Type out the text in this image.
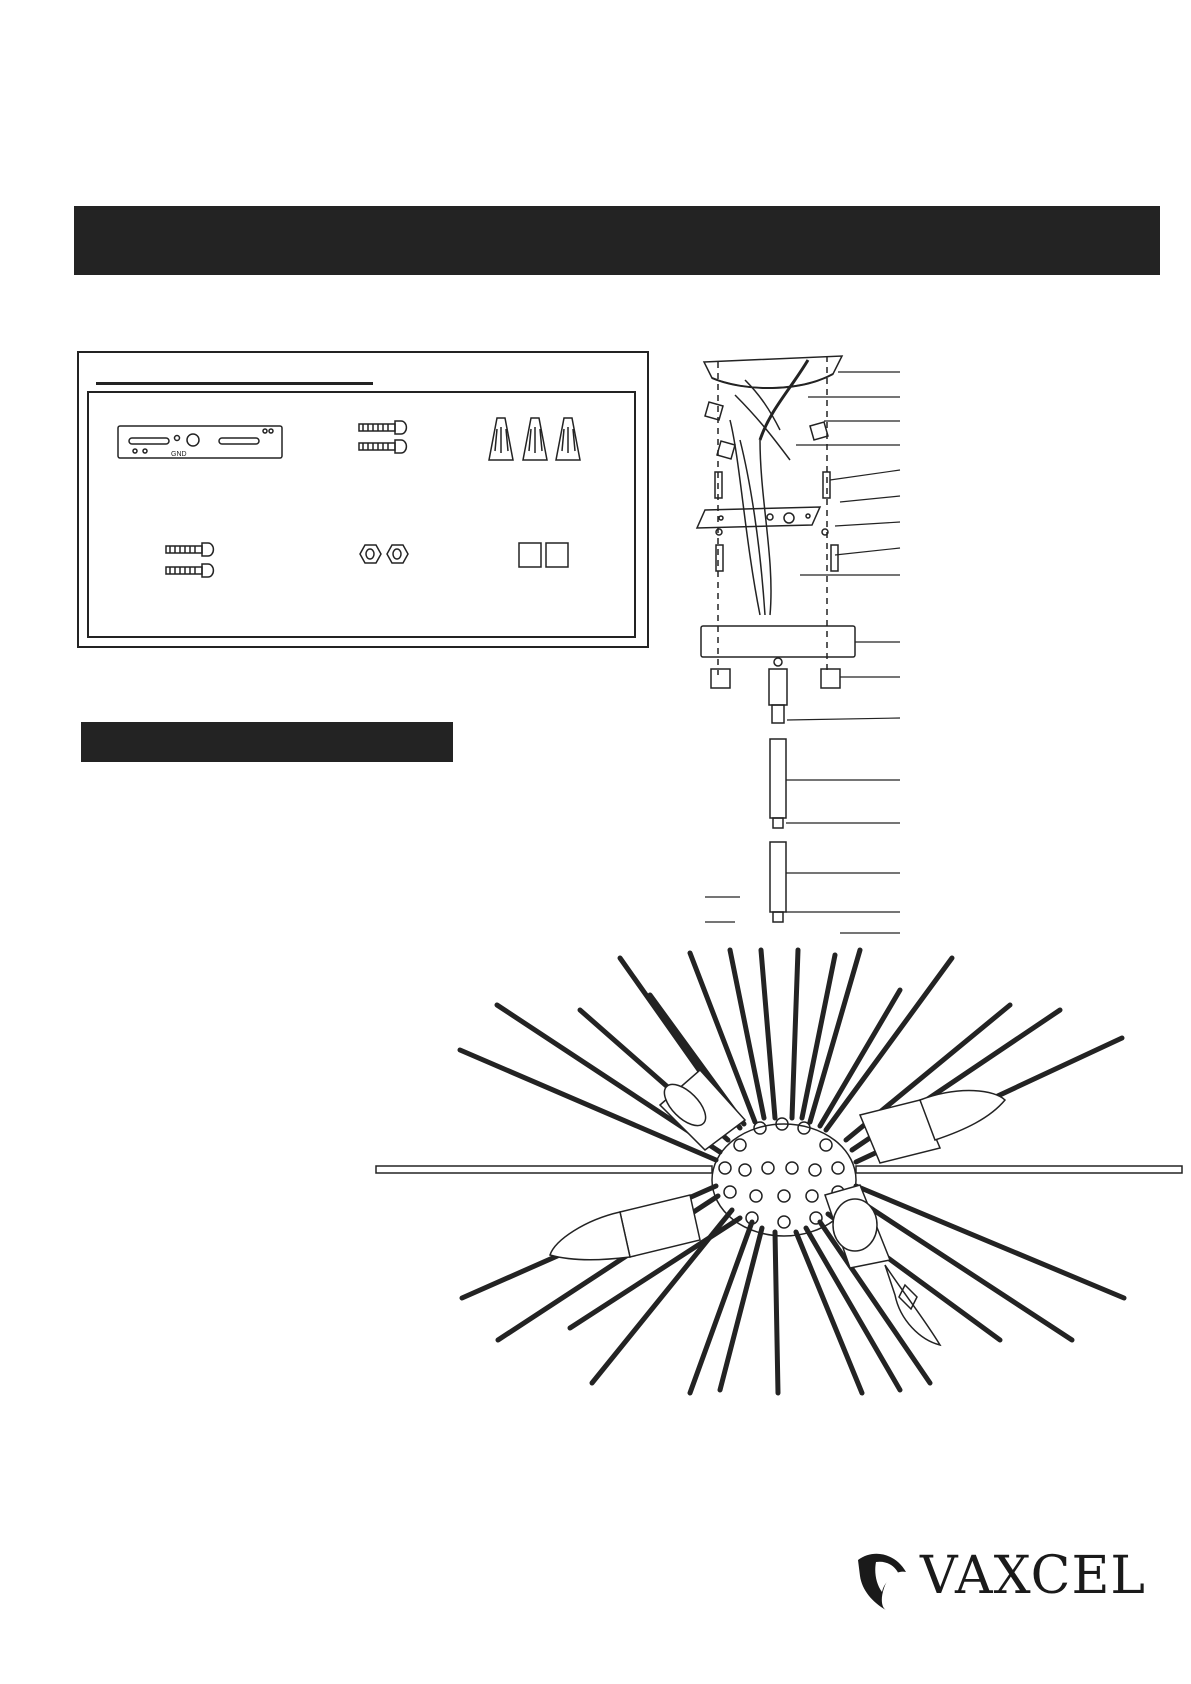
GND
VAXCEL
